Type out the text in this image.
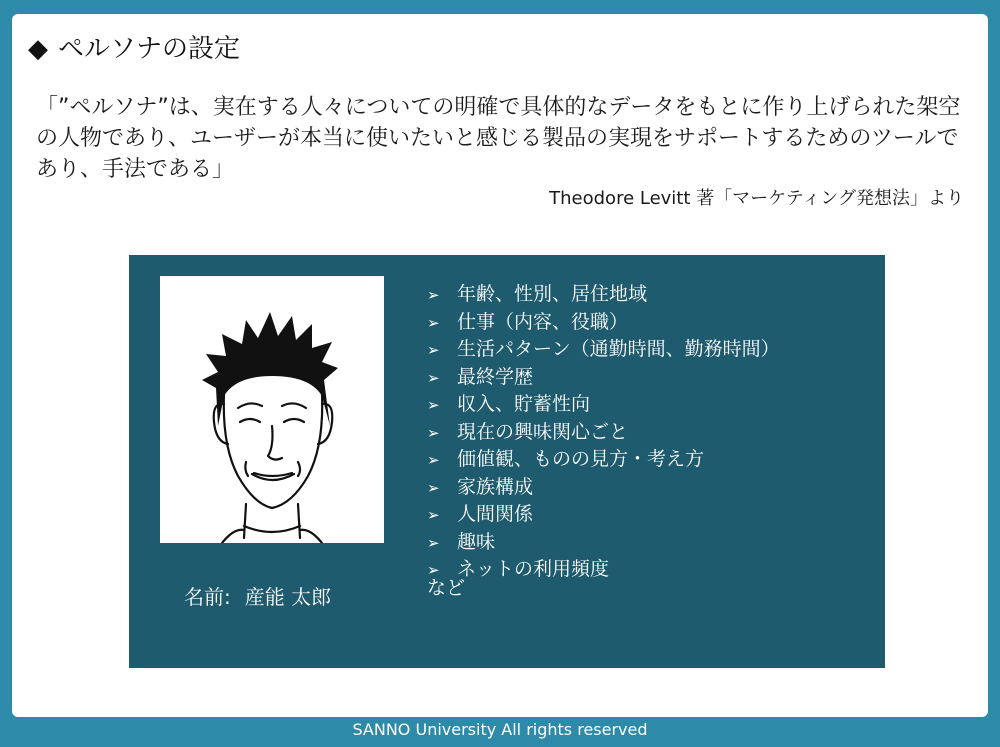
◆ ペルソナの設定
「”ペルソナ”は、実在する人々についての明確で具体的なデータをもとに作り上げられた架空の人物であり、ユーザーが本当に使いたいと感じる製品の実現をサポートするためのツールであり、手法である」
Theodore Levitt 著「マーケティング発想法」より
名前: 産能 太郎
➢ 年齢、性別、居住地域
➢ 仕事（内容、役職）
➢ 生活パターン（通勤時間、勤務時間）
➢ 最終学歴
➢ 収入、貯蓄性向
➢ 現在の興味関心ごと
➢ 価値観、ものの見方・考え方
➢ 家族構成
➢ 人間関係
➢ 趣味
➢ ネットの利用頻度
など
SANNO University All rights reserved
